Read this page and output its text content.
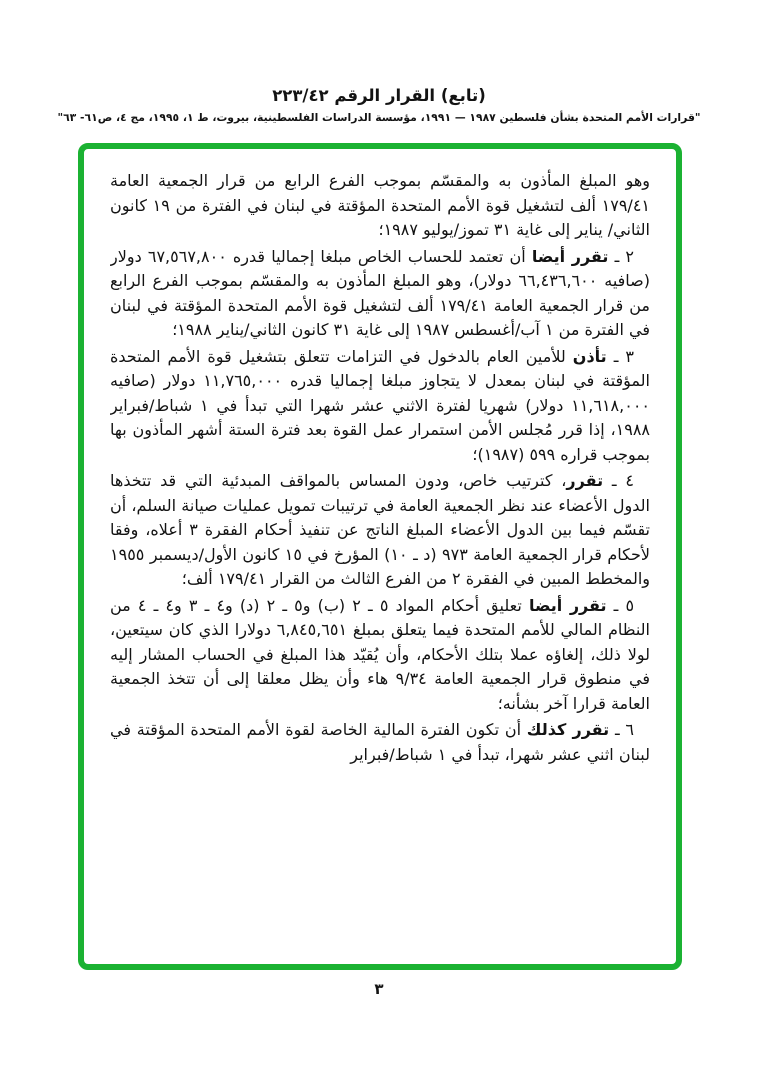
(تابع) القرار الرقم ٢٢٣/٤٢
"قرارات الأمم المتحدة بشأن فلسطين ١٩٨٧ — ١٩٩١، مؤسسة الدراسات الفلسطينية، بيروت، ط ١، ١٩٩٥، مج ٤، ص٦١- ٦٣"

وهو المبلغ المأذون به والمقسّم بموجب الفرع الرابع من قرار الجمعية العامة ١٧٩/٤١ ألف لتشغيل قوة الأمم المتحدة المؤقتة في لبنان في الفترة من ١٩ كانون الثاني/ يناير إلى غاية ٣١ تموز/يوليو ١٩٨٧؛

٢ ـ تقرر أيضا أن تعتمد للحساب الخاص مبلغا إجماليا قدره ٦٧,٥٦٧,٨٠٠ دولار (صافيه ٦٦,٤٣٦,٦٠٠ دولار)، وهو المبلغ المأذون به والمقسّم بموجب الفرع الرابع من قرار الجمعية العامة ١٧٩/٤١ ألف لتشغيل قوة الأمم المتحدة المؤقتة في لبنان في الفترة من ١ آب/أغسطس ١٩٨٧ إلى غاية ٣١ كانون الثاني/يناير ١٩٨٨؛

٣ ـ تأذن للأمين العام بالدخول في التزامات تتعلق بتشغيل قوة الأمم المتحدة المؤقتة في لبنان بمعدل لا يتجاوز مبلغا إجماليا قدره ١١,٧٦٥,٠٠٠ دولار (صافيه ١١,٦١٨,٠٠٠ دولار) شهريا لفترة الاثني عشر شهرا التي تبدأ في ١ شباط/فبراير ١٩٨٨، إذا قرر مُجلس الأمن استمرار عمل القوة بعد فترة الستة أشهر المأذون بها بموجب قراره ٥٩٩ (١٩٨٧)؛

٤ ـ تقرر، كترتيب خاص، ودون المساس بالمواقف المبدئية التي قد تتخذها الدول الأعضاء عند نظر الجمعية العامة في ترتيبات تمويل عمليات صيانة السلم، أن تقسّم فيما بين الدول الأعضاء المبلغ الناتج عن تنفيذ أحكام الفقرة ٣ أعلاه، وفقا لأحكام قرار الجمعية العامة ٩٧٣ (د ـ ١٠) المؤرخ في ١٥ كانون الأول/ديسمبر ١٩٥٥ والمخطط المبين في الفقرة ٢ من الفرع الثالث من القرار ١٧٩/٤١ ألف؛

٥ ـ تقرر أيضا تعليق أحكام المواد ٥ ـ ٢ (ب) و٥ ـ ٢ (د) و٤ ـ ٣ و٤ ـ ٤ من النظام المالي للأمم المتحدة فيما يتعلق بمبلغ ٦,٨٤٥,٦٥١ دولارا الذي كان سيتعين، لولا ذلك، إلغاؤه عملا بتلك الأحكام، وأن يُقيّد هذا المبلغ في الحساب المشار إليه في منطوق قرار الجمعية العامة ٩/٣٤ هاء وأن يظل معلقا إلى أن تتخذ الجمعية العامة قرارا آخر بشأنه؛

٦ ـ تقرر كذلك أن تكون الفترة المالية الخاصة لقوة الأمم المتحدة المؤقتة في لبنان اثني عشر شهرا، تبدأ في ١ شباط/فبراير

٣
